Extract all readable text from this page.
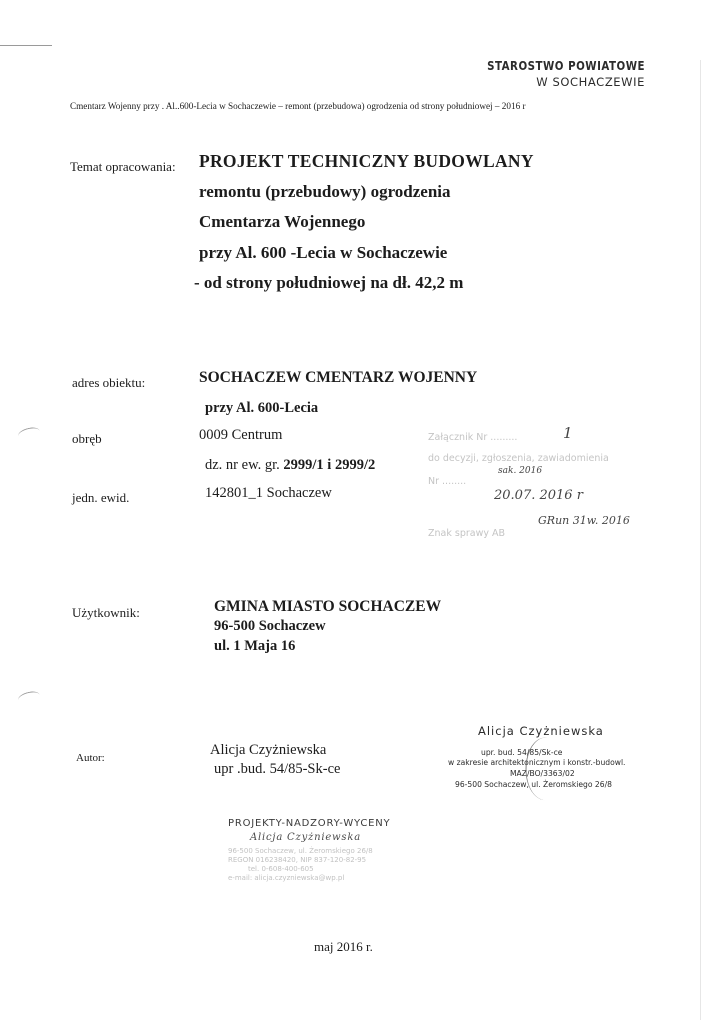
STAROSTWO POWIATOWE
W SOCHACZEWIE
Cmentarz Wojenny przy . Al..600-Lecia w Sochaczewie – remont (przebudowa) ogrodzenia od strony południowej – 2016 r
Temat opracowania: PROJEKT TECHNICZNY BUDOWLANY
remontu (przebudowy) ogrodzenia
Cmentarza Wojennego
przy Al. 600 -Lecia w Sochaczewie
- od strony południowej na dł. 42,2 m
adres obiektu:	SOCHACZEW CMENTARZ WOJENNY
przy Al. 600-Lecia
obręb	0009 Centrum
dz. nr ew. gr. 2999/1 i 2999/2
jedn. ewid.	142801_1 Sochaczew
Załącznik Nr .........	1
do decyzji, zgłoszenia, zawiadomienia
sak. 2016
Nr ........
20.07. 2016 r
Znak sprawy AB
GRun 31w. 2016
Użytkownik:	GMINA MIASTO SOCHACZEW
96-500 Sochaczew
ul. 1 Maja 16
Autor:	Alicja Czyżniewska
upr .bud. 54/85-Sk-ce
Alicja Czyżniewska
upr. bud. 54/85/Sk-ce
w zakresie architektonicznym i konstr.-budowl.
MAZ/BO/3363/02
96-500 Sochaczew, ul. Żeromskiego 26/8
PROJEKTY-NADZORY-WYCENY
Alicja Czyżniewska
96-500 Sochaczew, ul. Żeromskiego 26/8
REGON 016238420, NIP 837-120-82-95
tel. 0-608-400-605
e-mail: alicja.czyzniewska@wp.pl
maj 2016 r.
